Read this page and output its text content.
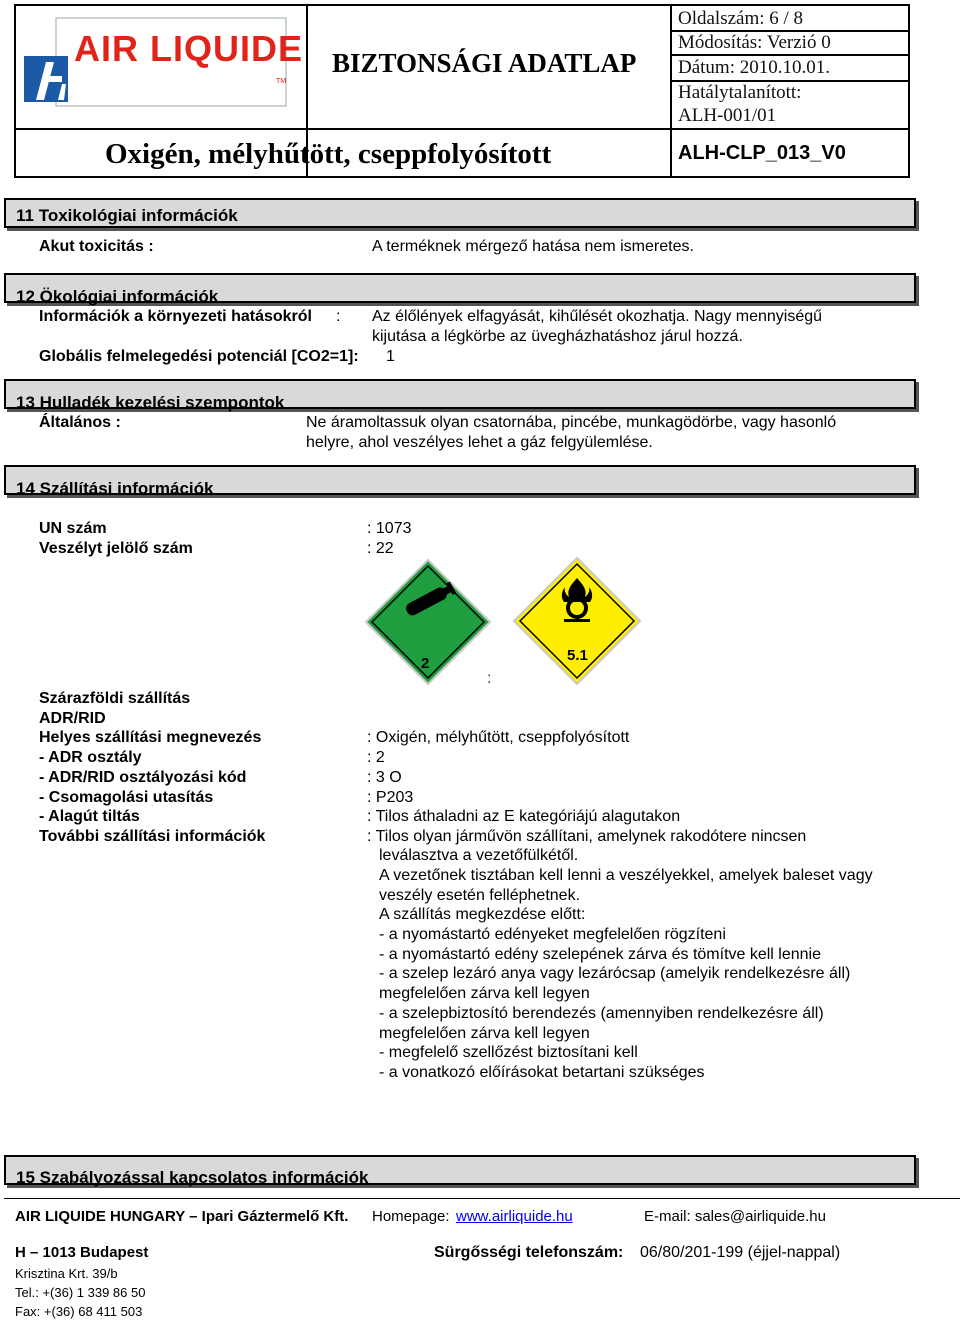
AIR LIQUIDE
TM
BIZTONSÁGI ADATLAP
Oxigén, mélyhűtött, cseppfolyósított
Oldalszám: 6 / 8
Módosítás: Verzió 0
Dátum: 2010.10.01.
Hatálytalanított:
ALH-001/01
ALH-CLP_013_V0
11 Toxikológiai információk
Akut toxicitás :	A terméknek mérgező hatása nem ismeretes.
12 Ökológiai információk
Információk a környezeti hatásokról : Az élőlények elfagyását, kihűlését okozhatja. Nagy mennyiségű
kijutása a légkörbe az üvegházhatáshoz járul hozzá.
Globális felmelegedési potenciál [CO2=1]: 1
13 Hulladék kezelési szempontok
Általános :	Ne áramoltassuk olyan csatornába, pincébe, munkagödörbe, vagy hasonló
helyre, ahol veszélyes lehet a gáz felgyülemlése.
14 Szállítási információk
UN szám	: 1073
Veszélyt jelölő szám	: 22
2	5.1
:
Szárazföldi szállítás
ADR/RID
Helyes szállítási megnevezés	: Oxigén, mélyhűtött, cseppfolyósított
- ADR osztály	: 2
- ADR/RID osztályozási kód	: 3 O
- Csomagolási utasítás	: P203
- Alagút tiltás	: Tilos áthaladni az E kategóriájú alagutakon
További szállítási információk	: Tilos olyan járművön szállítani, amelynek rakodótere nincsen
leválasztva a vezetőfülkétől.
A vezetőnek tisztában kell lenni a veszélyekkel, amelyek baleset vagy
veszély esetén felléphetnek.
A szállítás megkezdése előtt:
- a nyomástartó edényeket megfelelően rögzíteni
- a nyomástartó edény szelepének zárva és tömítve kell lennie
- a szelep lezáró anya vagy lezárócsap (amelyik rendelkezésre áll)
megfelelően zárva kell legyen
- a szelepbiztosító berendezés (amennyiben rendelkezésre áll)
megfelelően zárva kell legyen
- megfelelő szellőzést biztosítani kell
- a vonatkozó előírásokat betartani szükséges
15 Szabályozással kapcsolatos információk
AIR LIQUIDE HUNGARY – Ipari Gáztermelő Kft. Homepage: www.airliquide.hu	E-mail: sales@airliquide.hu
H – 1013 Budapest	Sürgősségi telefonszám: 06/80/201-199 (éjjel-nappal)
Krisztina Krt. 39/b
Tel.: +(36) 1 339 86 50
Fax: +(36) 68 411 503
